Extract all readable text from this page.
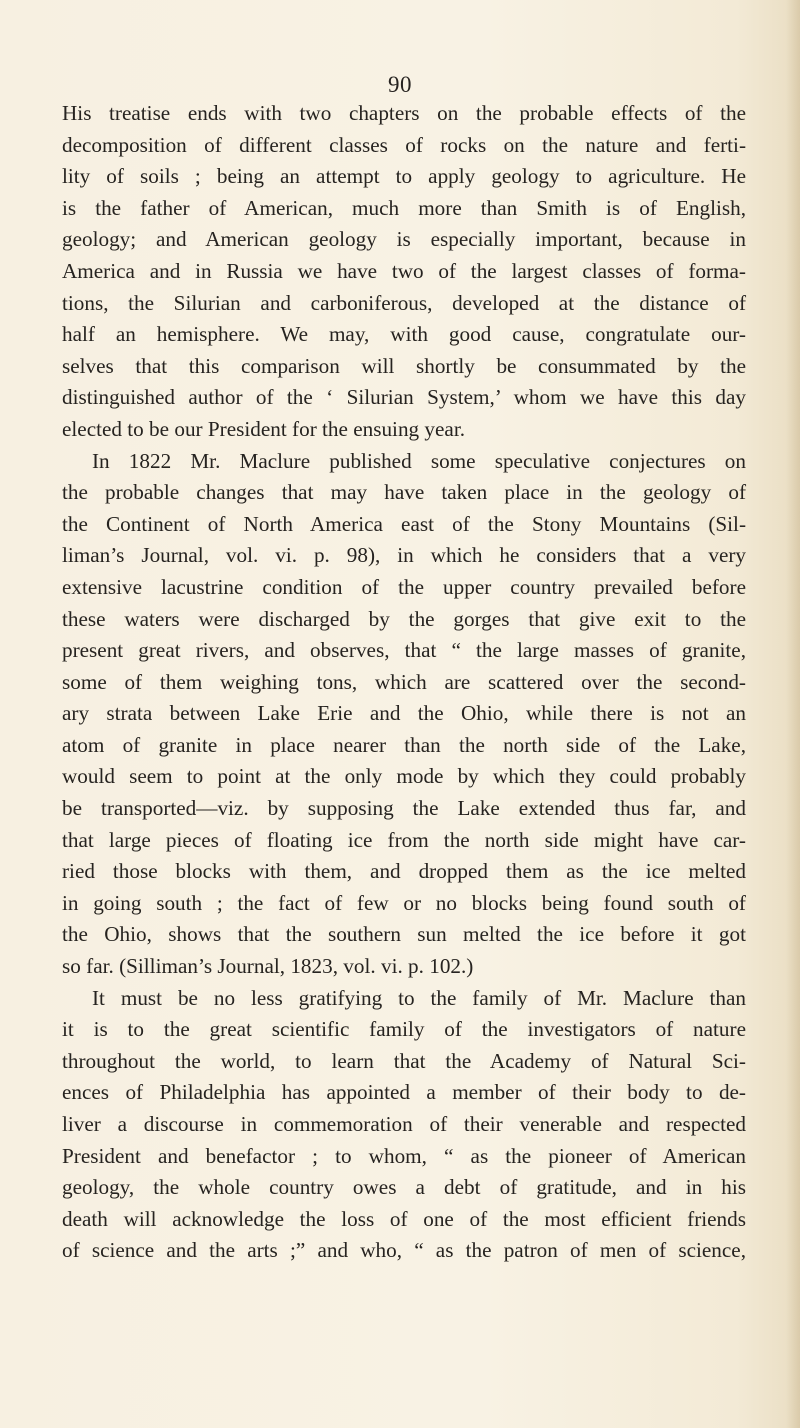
90
His treatise ends with two chapters on the probable effects of the
decomposition of different classes of rocks on the nature and ferti-
lity of soils ; being an attempt to apply geology to agriculture. He
is the father of American, much more than Smith is of English,
geology; and American geology is especially important, because in
America and in Russia we have two of the largest classes of forma-
tions, the Silurian and carboniferous, developed at the distance of
half an hemisphere. We may, with good cause, congratulate our-
selves that this comparison will shortly be consummated by the
distinguished author of the ‘ Silurian System,’ whom we have this day
elected to be our President for the ensuing year.
In 1822 Mr. Maclure published some speculative conjectures on
the probable changes that may have taken place in the geology of
the Continent of North America east of the Stony Mountains (Sil-
liman’s Journal, vol. vi. p. 98), in which he considers that a very
extensive lacustrine condition of the upper country prevailed before
these waters were discharged by the gorges that give exit to the
present great rivers, and observes, that “ the large masses of granite,
some of them weighing tons, which are scattered over the second-
ary strata between Lake Erie and the Ohio, while there is not an
atom of granite in place nearer than the north side of the Lake,
would seem to point at the only mode by which they could probably
be transported—viz. by supposing the Lake extended thus far, and
that large pieces of floating ice from the north side might have car-
ried those blocks with them, and dropped them as the ice melted
in going south ; the fact of few or no blocks being found south of
the Ohio, shows that the southern sun melted the ice before it got
so far. (Silliman’s Journal, 1823, vol. vi. p. 102.)
It must be no less gratifying to the family of Mr. Maclure than
it is to the great scientific family of the investigators of nature
throughout the world, to learn that the Academy of Natural Sci-
ences of Philadelphia has appointed a member of their body to de-
liver a discourse in commemoration of their venerable and respected
President and benefactor ; to whom, “ as the pioneer of American
geology, the whole country owes a debt of gratitude, and in his
death will acknowledge the loss of one of the most efficient friends
of science and the arts ;” and who, “ as the patron of men of science,
